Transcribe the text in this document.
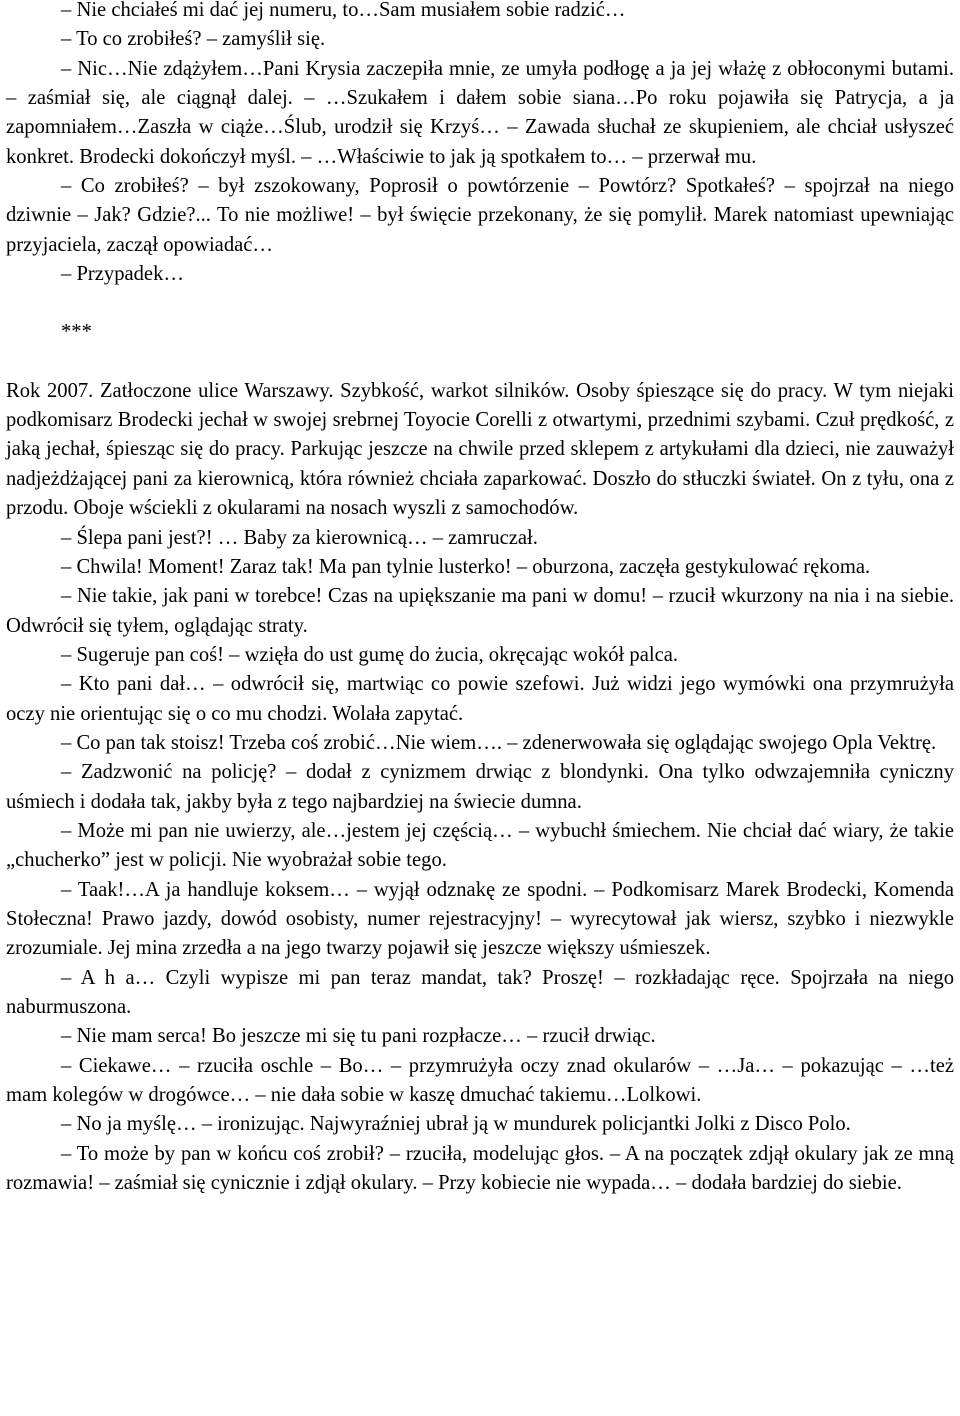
– Nie chciałeś mi dać jej numeru, to…Sam musiałem sobie radzić…

– To co zrobiłeś? – zamyślił się.

– Nic…Nie zdążyłem…Pani Krysia zaczepiła mnie, ze umyła podłogę a ja jej włażę z obłoconymi butami. – zaśmiał się, ale ciągnął dalej. – …Szukałem i dałem sobie siana…Po roku pojawiła się Patrycja, a ja zapomniałem…Zaszła w ciąże…Ślub, urodził się Krzyś… – Zawada słuchał ze skupieniem, ale chciał usłyszeć konkret. Brodecki dokończył myśl. – …Właściwie to jak ją spotkałem to… – przerwał mu.

– Co zrobiłeś? – był zszokowany, Poprosił o powtórzenie – Powtórz? Spotkałeś? – spojrzał na niego dziwnie – Jak? Gdzie?... To nie możliwe! – był święcie przekonany, że się pomylił. Marek natomiast upewniając przyjaciela, zaczął opowiadać…

– Przypadek…

***

Rok 2007. Zatłoczone ulice Warszawy. Szybkość, warkot silników. Osoby śpieszące się do pracy. W tym niejaki podkomisarz Brodecki jechał w swojej srebrnej Toyocie Corelli z otwartymi, przednimi szybami. Czuł prędkość, z jaką jechał, śpiesząc się do pracy. Parkując jeszcze na chwile przed sklepem z artykułami dla dzieci, nie zauważył nadjeżdżającej pani za kierownicą, która również chciała zaparkować. Doszło do stłuczki świateł. On z tyłu, ona z przodu. Oboje wściekli z okularami na nosach wyszli z samochodów.

– Ślepa pani jest?! … Baby za kierownicą… – zamruczał.

– Chwila! Moment! Zaraz tak! Ma pan tylnie lusterko! – oburzona, zaczęła gestykulować rękoma.

– Nie takie, jak pani w torebce! Czas na upiększanie ma pani w domu! – rzucił wkurzony na nia i na siebie. Odwrócił się tyłem, oglądając straty.

– Sugeruje pan coś! – wzięła do ust gumę do żucia, okręcając wokół palca.

– Kto pani dał… – odwrócił się, martwiąc co powie szefowi. Już widzi jego wymówki ona przymrużyła oczy nie orientując się o co mu chodzi. Wolała zapytać.

– Co pan tak stoisz! Trzeba coś zrobić…Nie wiem…. – zdenerwowała się oglądając swojego Opla Vektrę.

– Zadzwonić na policję? – dodał z cynizmem drwiąc z blondynki. Ona tylko odwzajemniła cyniczny uśmiech i dodała tak, jakby była z tego najbardziej na świecie dumna.

– Może mi pan nie uwierzy, ale…jestem jej częścią… – wybuchł śmiechem. Nie chciał dać wiary, że takie „chucherko” jest w policji. Nie wyobrażał sobie tego.

– Taak!…A ja handluje koksem… – wyjął odznakę ze spodni. – Podkomisarz Marek Brodecki, Komenda Stołeczna! Prawo jazdy, dowód osobisty, numer rejestracyjny! – wyrecytował jak wiersz, szybko i niezwykle zrozumiale. Jej mina zrzedła a na jego twarzy pojawił się jeszcze większy uśmieszek.

– A h a… Czyli wypisze mi pan teraz mandat, tak? Proszę! – rozkładając ręce. Spojrzała na niego naburmuszona.

– Nie mam serca! Bo jeszcze mi się tu pani rozpłacze… – rzucił drwiąc.

– Ciekawe… – rzuciła oschle – Bo… – przymrużyła oczy znad okularów – …Ja… – pokazując – …też mam kolegów w drogówce… – nie dała sobie w kaszę dmuchać takiemu…Lolkowi.

– No ja myślę… – ironizując. Najwyraźniej ubrał ją w mundurek policjantki Jolki z Disco Polo.

– To może by pan w końcu coś zrobił? – rzuciła, modelując głos. – A na początek zdjął okulary jak ze mną rozmawia! – zaśmiał się cynicznie i zdjął okulary. – Przy kobiecie nie wypada… – dodała bardziej do siebie.
